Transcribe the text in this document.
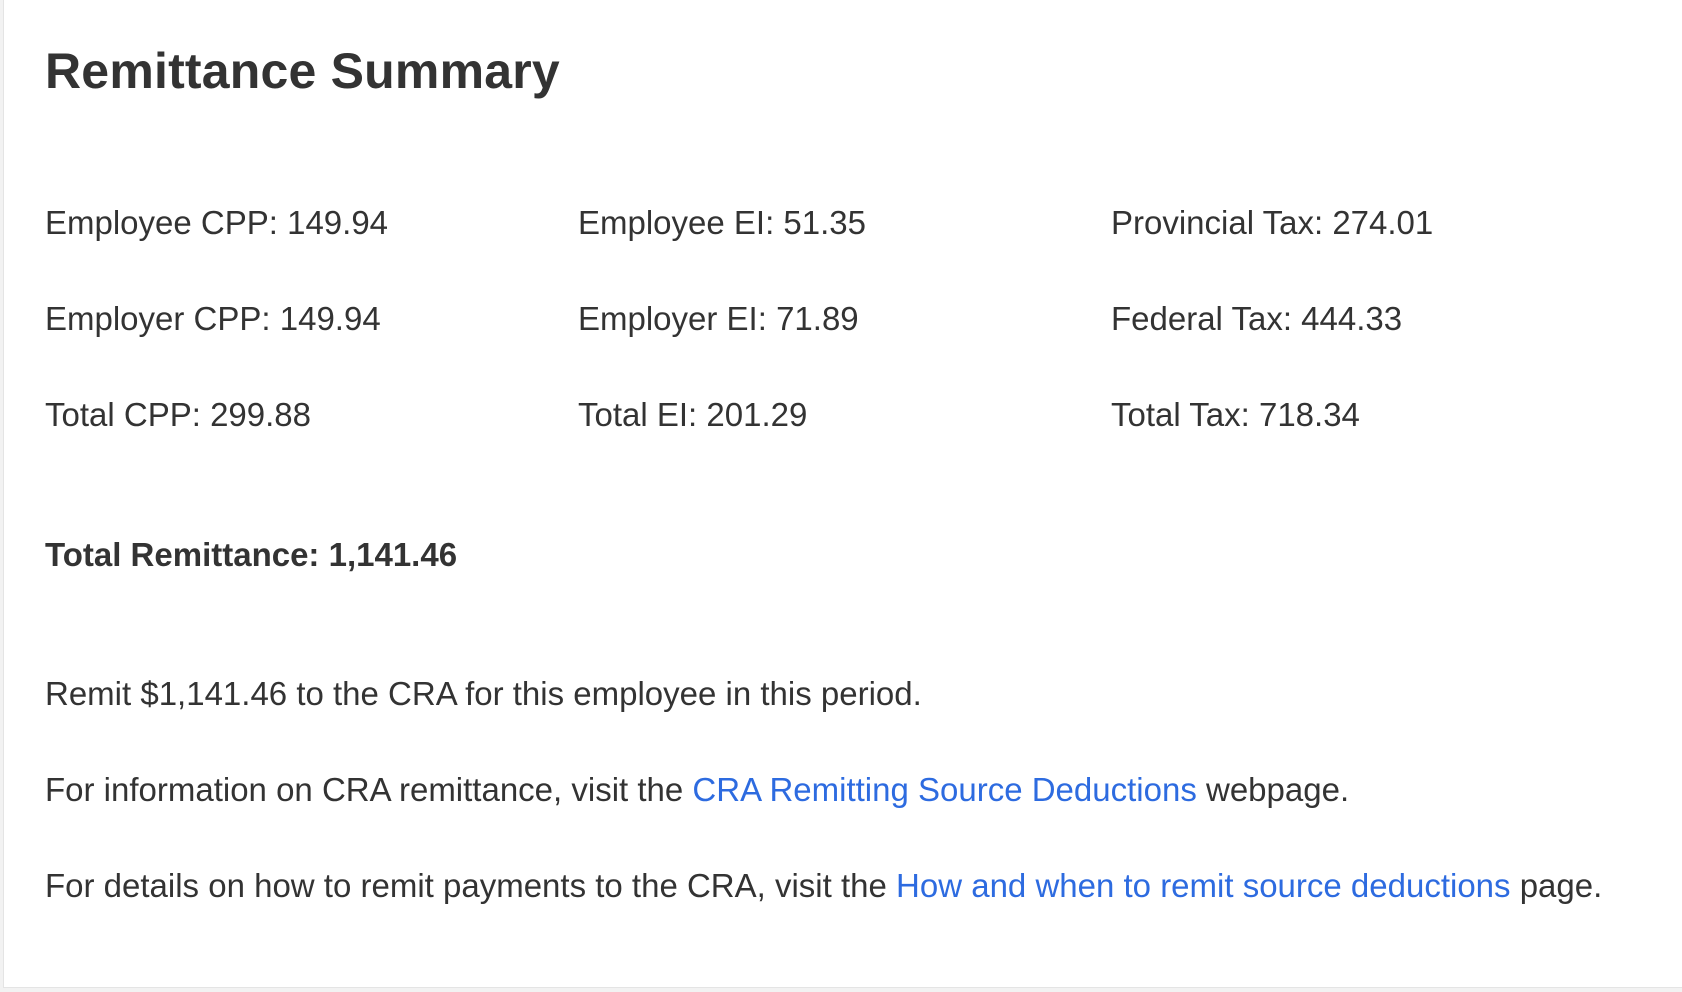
Remittance Summary
Employee CPP: 149.94	Employee EI: 51.35	Provincial Tax: 274.01
Employer CPP: 149.94	Employer EI: 71.89	Federal Tax: 444.33
Total CPP: 299.88	Total EI: 201.29	Total Tax: 718.34
Total Remittance: 1,141.46

Remit $1,141.46 to the CRA for this employee in this period.

For information on CRA remittance, visit the CRA Remitting Source Deductions webpage.

For details on how to remit payments to the CRA, visit the How and when to remit source deductions page.
